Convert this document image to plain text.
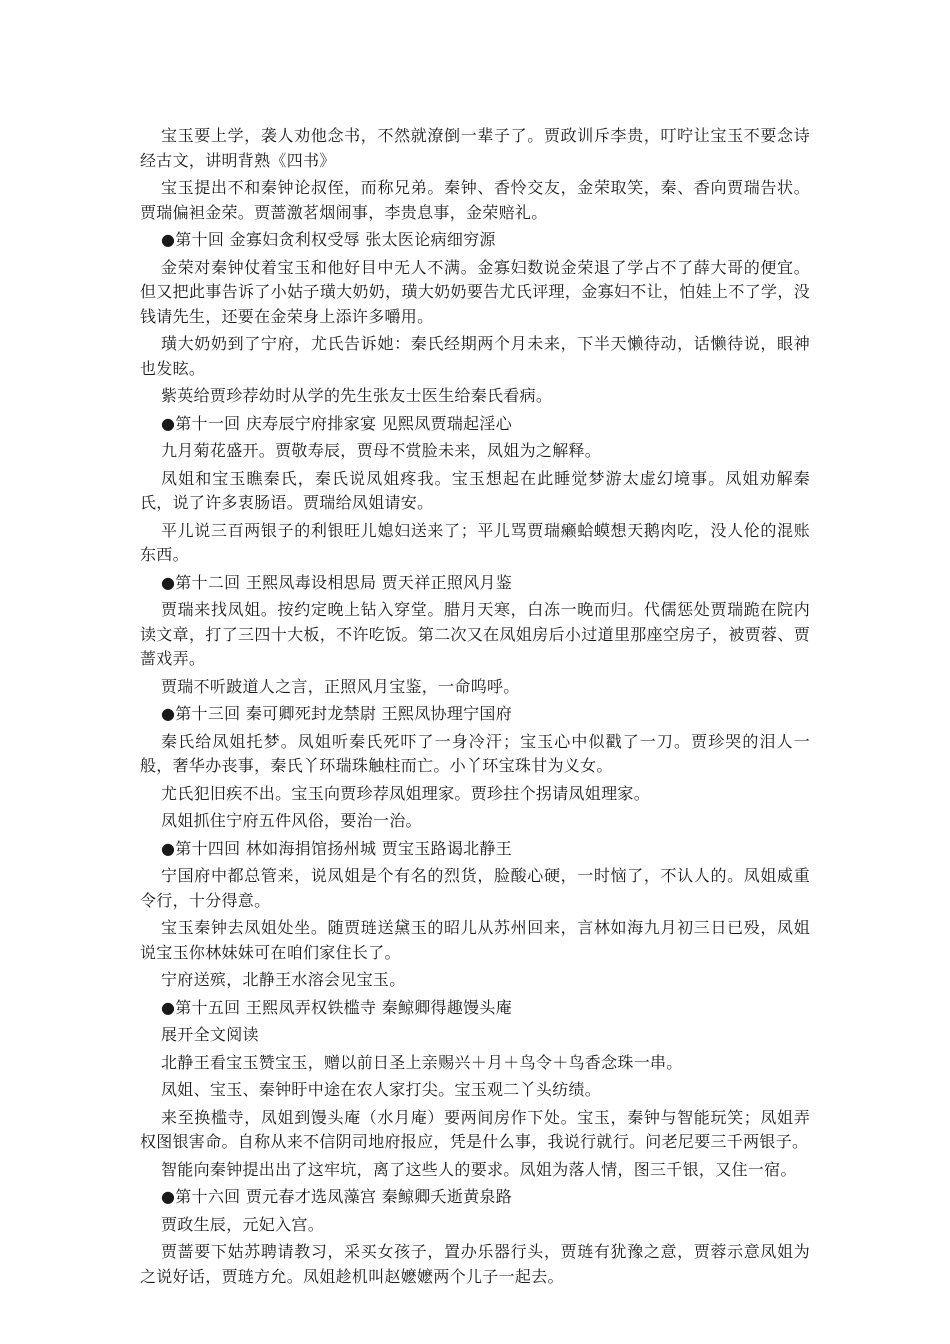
宝玉要上学，袭人劝他念书，不然就潦倒一辈子了。贾政训斥李贵，叮咛让宝玉不要念诗经古文，讲明背熟《四书》

宝玉提出不和秦钟论叔侄，而称兄弟。秦钟、香怜交友，金荣取笑，秦、香向贾瑞告状。贾瑞偏袒金荣。贾蔷激茗烟闹事，李贵息事，金荣赔礼。

●第十回 金寡妇贪利权受辱 张太医论病细穷源

金荣对秦钟仗着宝玉和他好目中无人不满。金寡妇数说金荣退了学占不了薛大哥的便宜。但又把此事告诉了小姑子璜大奶奶，璜大奶奶要告尤氏评理，金寡妇不让，怕娃上不了学，没钱请先生，还要在金荣身上添许多嚼用。

璜大奶奶到了宁府，尤氏告诉她：秦氏经期两个月未来，下半天懒待动，话懒待说，眼神也发眩。

紫英给贾珍荐幼时从学的先生张友士医生给秦氏看病。

●第十一回 庆寿辰宁府排家宴 见熙凤贾瑞起淫心

九月菊花盛开。贾敬寿辰，贾母不赏脸未来，凤姐为之解释。

凤姐和宝玉瞧秦氏，秦氏说凤姐疼我。宝玉想起在此睡觉梦游太虚幻境事。凤姐劝解秦氏，说了许多衷肠语。贾瑞给凤姐请安。

平儿说三百两银子的利银旺儿媳妇送来了；平儿骂贾瑞癞蛤蟆想天鹅肉吃，没人伦的混账东西。

●第十二回 王熙凤毒设相思局 贾天祥正照风月鉴

贾瑞来找凤姐。按约定晚上钻入穿堂。腊月天寒，白冻一晚而归。代儒惩处贾瑞跪在院内读文章，打了三四十大板，不许吃饭。第二次又在凤姐房后小过道里那座空房子，被贾蓉、贾蔷戏弄。

贾瑞不听跛道人之言，正照风月宝鉴，一命呜呼。

●第十三回 秦可卿死封龙禁尉 王熙凤协理宁国府

秦氏给凤姐托梦。凤姐听秦氏死吓了一身冷汗；宝玉心中似戳了一刀。贾珍哭的泪人一般，奢华办丧事，秦氏丫环瑞珠触柱而亡。小丫环宝珠甘为义女。

尤氏犯旧疾不出。宝玉向贾珍荐凤姐理家。贾珍拄个拐请凤姐理家。

凤姐抓住宁府五件风俗，要治一治。

●第十四回 林如海捐馆扬州城 贾宝玉路谒北静王

宁国府中都总管来，说凤姐是个有名的烈货，脸酸心硬，一时恼了，不认人的。凤姐威重令行，十分得意。

宝玉秦钟去凤姐处坐。随贾琏送黛玉的昭儿从苏州回来，言林如海九月初三日已殁，凤姐说宝玉你林妹妹可在咱们家住长了。

宁府送殡，北静王水溶会见宝玉。

●第十五回 王熙凤弄权铁槛寺 秦鲸卿得趣馒头庵

展开全文阅读

北静王看宝玉赞宝玉，赠以前日圣上亲赐兴＋月＋鸟令＋鸟香念珠一串。

凤姐、宝玉、秦钟盱中途在农人家打尖。宝玉观二丫头纺绩。

来至换槛寺，凤姐到馒头庵（水月庵）要两间房作下处。宝玉，秦钟与智能玩笑；凤姐弄权图银害命。自称从来不信阴司地府报应，凭是什么事，我说行就行。问老尼要三千两银子。

智能向秦钟提出出了这牢坑，离了这些人的要求。凤姐为落人情，图三千银，又住一宿。

●第十六回 贾元春才选凤藻宫 秦鲸卿夭逝黄泉路

贾政生辰，元妃入宫。

贾蔷要下姑苏聘请教习，采买女孩子，置办乐器行头，贾琏有犹豫之意，贾蓉示意凤姐为之说好话，贾琏方允。凤姐趁机叫赵嬷嬷两个儿子一起去。
